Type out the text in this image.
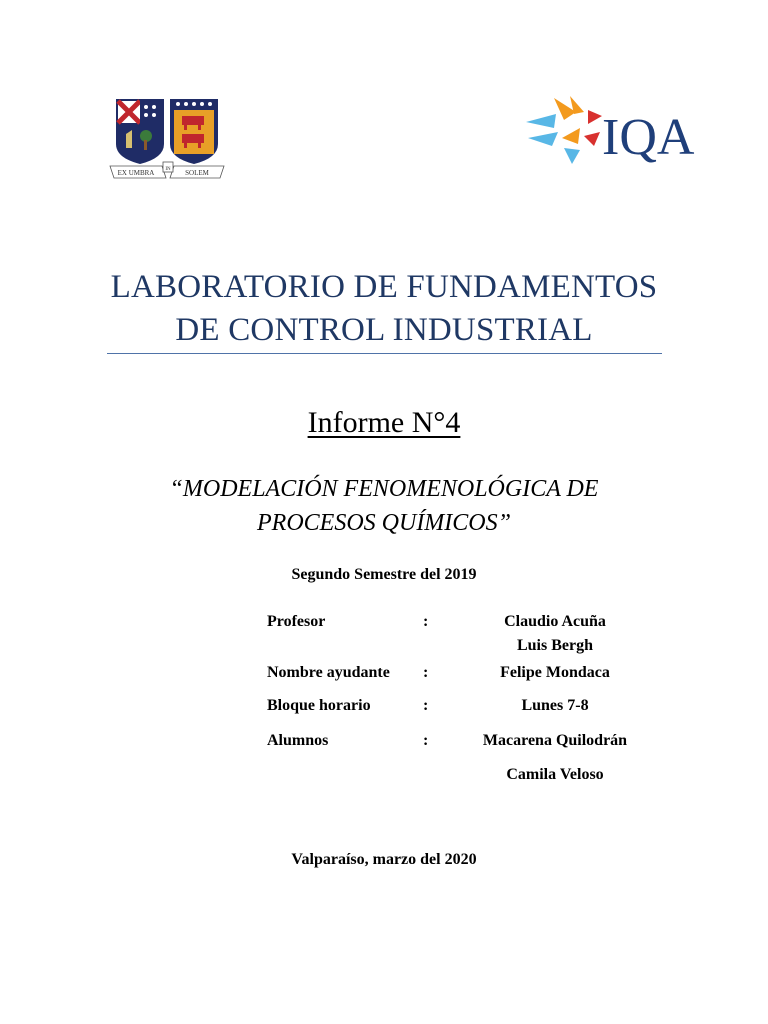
EX UMBRA IN SOLEM
IQA
LABORATORIO DE FUNDAMENTOS
DE CONTROL INDUSTRIAL
Informe N°4
“MODELACIÓN FENOMENOLÓGICA DE
PROCESOS QUÍMICOS”
Segundo Semestre del 2019
Profesor	:	Claudio Acuña
Luis Bergh
Nombre ayudante :	Felipe Mondaca
Bloque horario	:	Lunes 7-8
Alumnos	:	Macarena Quilodrán
Camila Veloso
Valparaíso, marzo del 2020
